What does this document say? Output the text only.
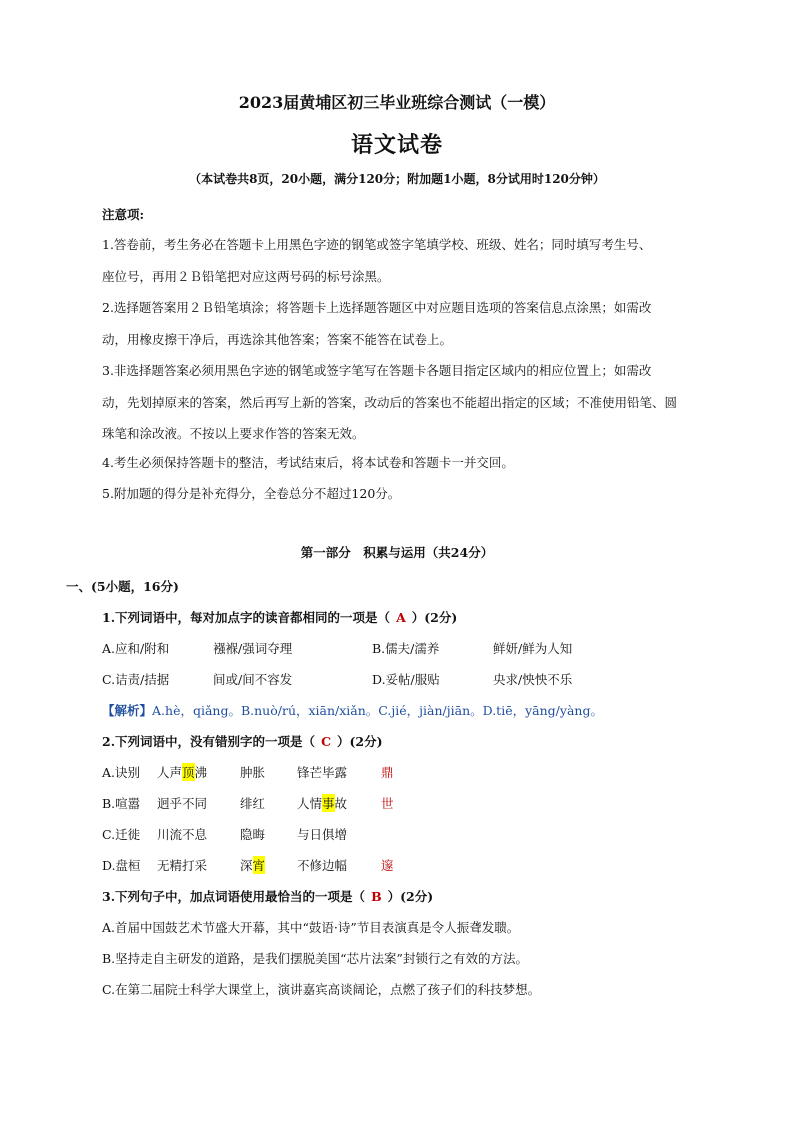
2023届黄埔区初三毕业班综合测试（一模）
语文试卷
（本试卷共8页，20小题，满分120分；附加题1小题，8分试用时120分钟）
注意项:
1.答卷前，考生务必在答题卡上用黑色字迹的钢笔或签字笔填学校、班级、姓名；同时填写考生号、
座位号，再用２Ｂ铅笔把对应这两号码的标号涂黑。
2.选择题答案用２Ｂ铅笔填涂；将答题卡上选择题答题区中对应题目选项的答案信息点涂黑；如需改
动，用橡皮擦干净后，再选涂其他答案；答案不能答在试卷上。
3.非选择题答案必须用黑色字迹的钢笔或签字笔写在答题卡各题目指定区域内的相应位置上；如需改
动，先划掉原来的答案，然后再写上新的答案，改动后的答案也不能超出指定的区域；不准使用铅笔、圆
珠笔和涂改液。不按以上要求作答的答案无效。
4.考生必须保持答题卡的整洁，考试结束后，将本试卷和答题卡一并交回。
5.附加题的得分是补充得分，全卷总分不超过120分。
第一部分　积累与运用（共24分）
一、(5小题，16分)
1.下列词语中，每对加点字的读音都相同的一项是（ A ）(2分)
A.应和/附和	襁褓/强词夺理	B.儒夫/濡养	鲜妍/鲜为人知
C.诘责/拮据	间或/间不容发	D.妥帖/服贴	央求/怏怏不乐
【解析】A.hè，qiǎng。B.nuò/rú，xiān/xiǎn。C.jié，jiàn/jiān。D.tiē，yāng/yàng。
2.下列词语中，没有错别字的一项是（ C ）(2分)
A.诀别 人声顶沸	肿胀	锋芒毕露	鼎
B.喧嚣 迥乎不同	绯红	人情事故	世
C.迁徙 川流不息	隐晦	与日俱增
D.盘桓 无精打采	深宵	不修边幅	邃
3.下列句子中，加点词语使用最恰当的一项是（ B ）(2分)
A.首届中国鼓艺术节盛大开幕，其中“鼓语·诗”节目表演真是令人振聋发聩。
B.坚持走自主研发的道路，是我们摆脱美国“芯片法案”封锁行之有效的方法。
C.在第二届院士科学大课堂上，演讲嘉宾高谈阔论，点燃了孩子们的科技梦想。
